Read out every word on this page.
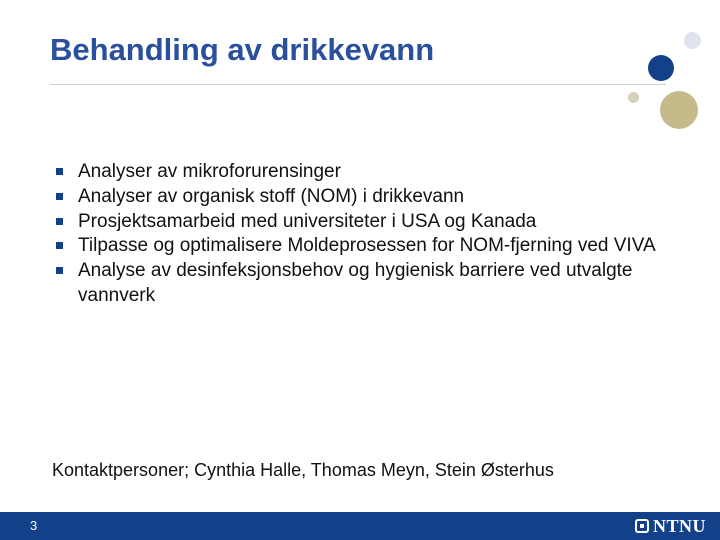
Behandling av drikkevann
Analyser av mikroforurensinger
Analyser av organisk stoff (NOM) i drikkevann
Prosjektsamarbeid med universiteter i USA og Kanada
Tilpasse og optimalisere Moldeprosessen for NOM-fjerning ved VIVA
Analyse av desinfeksjonsbehov og hygienisk barriere ved utvalgte vannverk
Kontaktpersoner; Cynthia Halle, Thomas Meyn, Stein Østerhus
3	NTNU
